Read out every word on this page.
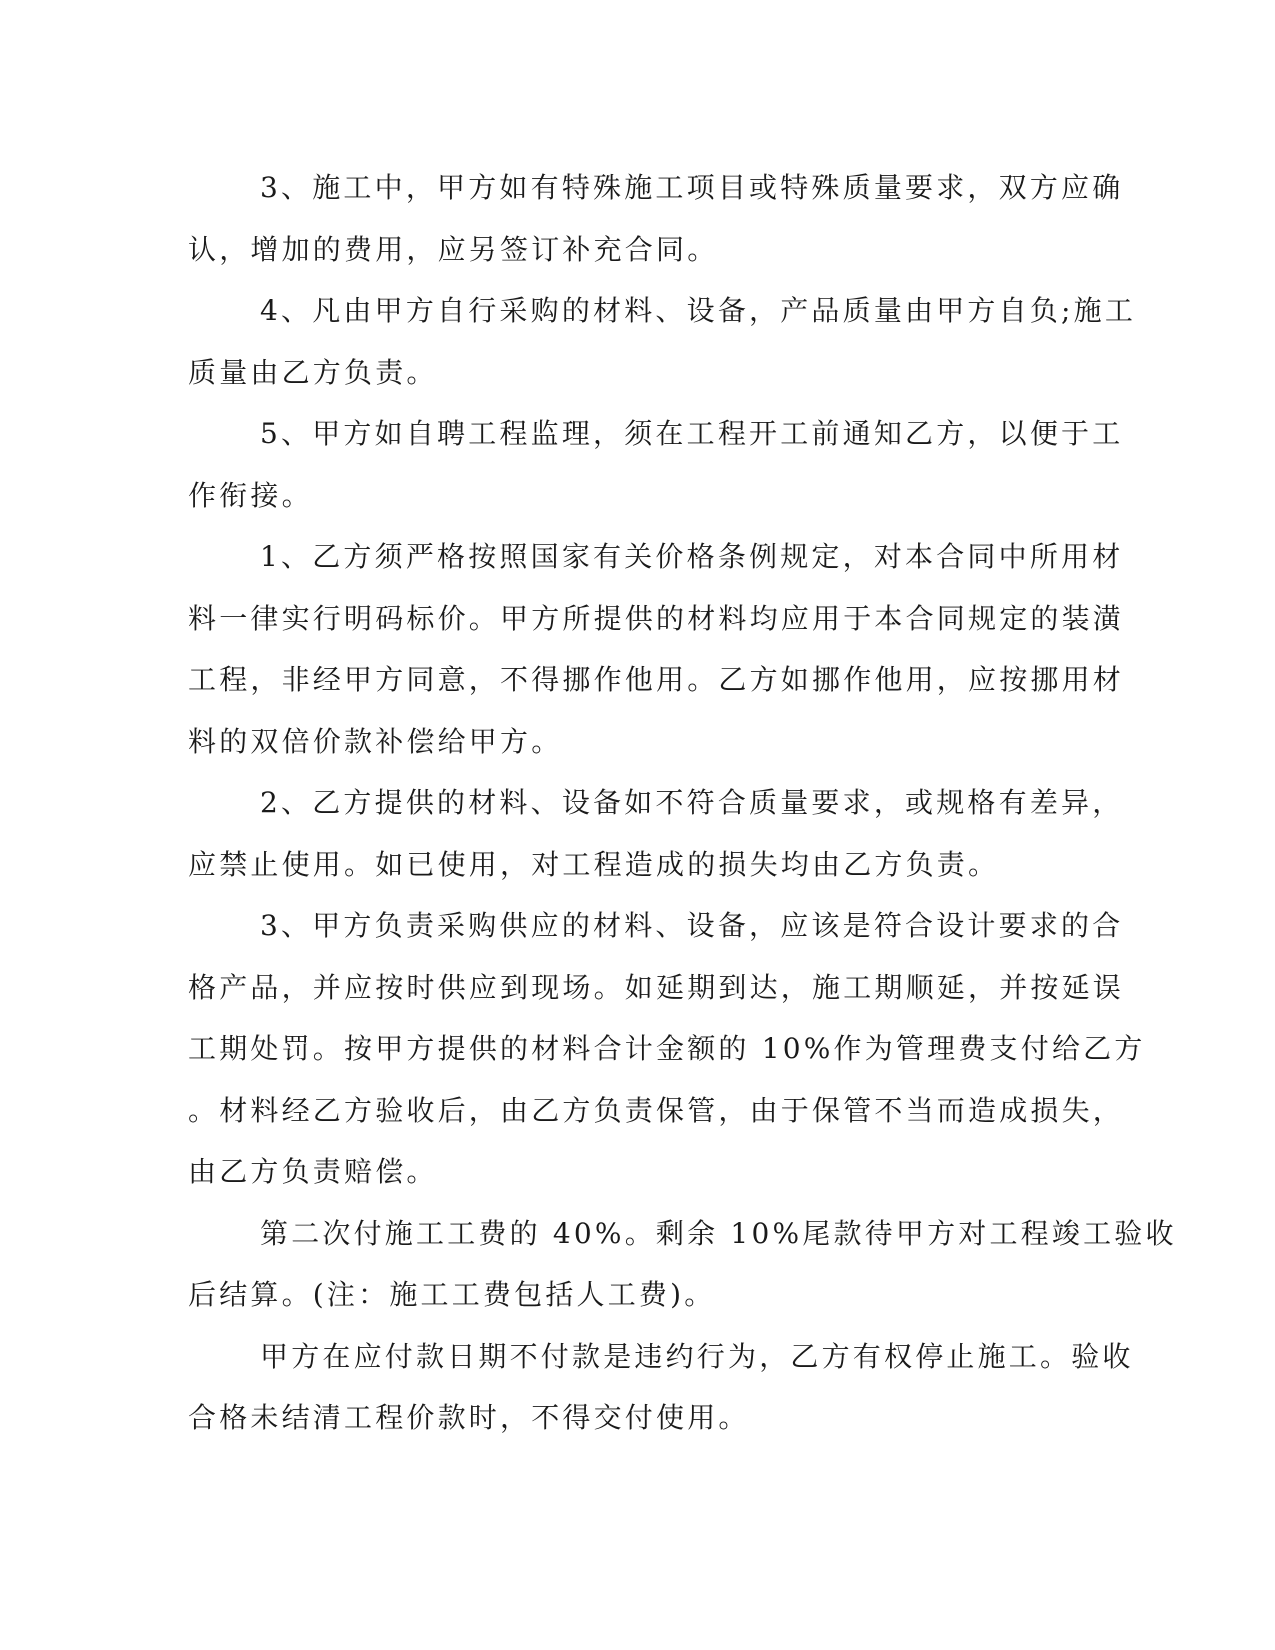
3、施工中，甲方如有特殊施工项目或特殊质量要求，双方应确
认，增加的费用，应另签订补充合同。
4、凡由甲方自行采购的材料、设备，产品质量由甲方自负;施工
质量由乙方负责。
5、甲方如自聘工程监理，须在工程开工前通知乙方，以便于工
作衔接。
1、乙方须严格按照国家有关价格条例规定，对本合同中所用材
料一律实行明码标价。甲方所提供的材料均应用于本合同规定的装潢
工程，非经甲方同意，不得挪作他用。乙方如挪作他用，应按挪用材
料的双倍价款补偿给甲方。
2、乙方提供的材料、设备如不符合质量要求，或规格有差异，
应禁止使用。如已使用，对工程造成的损失均由乙方负责。
3、甲方负责采购供应的材料、设备，应该是符合设计要求的合
格产品，并应按时供应到现场。如延期到达，施工期顺延，并按延误
工期处罚。按甲方提供的材料合计金额的 10%作为管理费支付给乙方
。材料经乙方验收后，由乙方负责保管，由于保管不当而造成损失，
由乙方负责赔偿。
第二次付施工工费的 40%。剩余 10%尾款待甲方对工程竣工验收
后结算。(注：施工工费包括人工费)。
甲方在应付款日期不付款是违约行为，乙方有权停止施工。验收
合格未结清工程价款时，不得交付使用。
